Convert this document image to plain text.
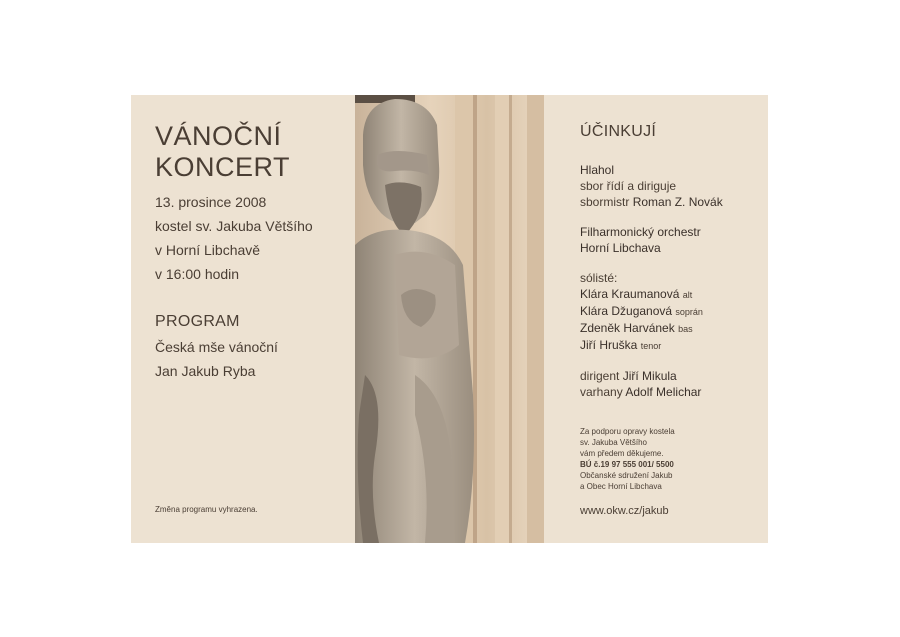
VÁNOČNÍ
KONCERT
13. prosince 2008
kostel sv. Jakuba Většího
v Horní Libchavě
v 16:00 hodin
PROGRAM
Česká mše vánoční
Jan Jakub Ryba
Změna programu vyhrazena.
ÚČINKUJÍ
Hlahol
sbor řídí a diriguje
sbormistr Roman Z. Novák
Filharmonický orchestr
Horní Libchava
sólisté:
Klára Kraumanová alt
Klára Džuganová soprán
Zdeněk Harvánek bas
Jiří Hruška tenor
dirigent Jiří Mikula
varhany Adolf Melichar
Za podporu opravy kostela
sv. Jakuba Většího
vám předem děkujeme.
BÚ č.19 97 555 001/ 5500
Občanské sdružení Jakub
a Obec Horní Libchava
www.okw.cz/jakub
